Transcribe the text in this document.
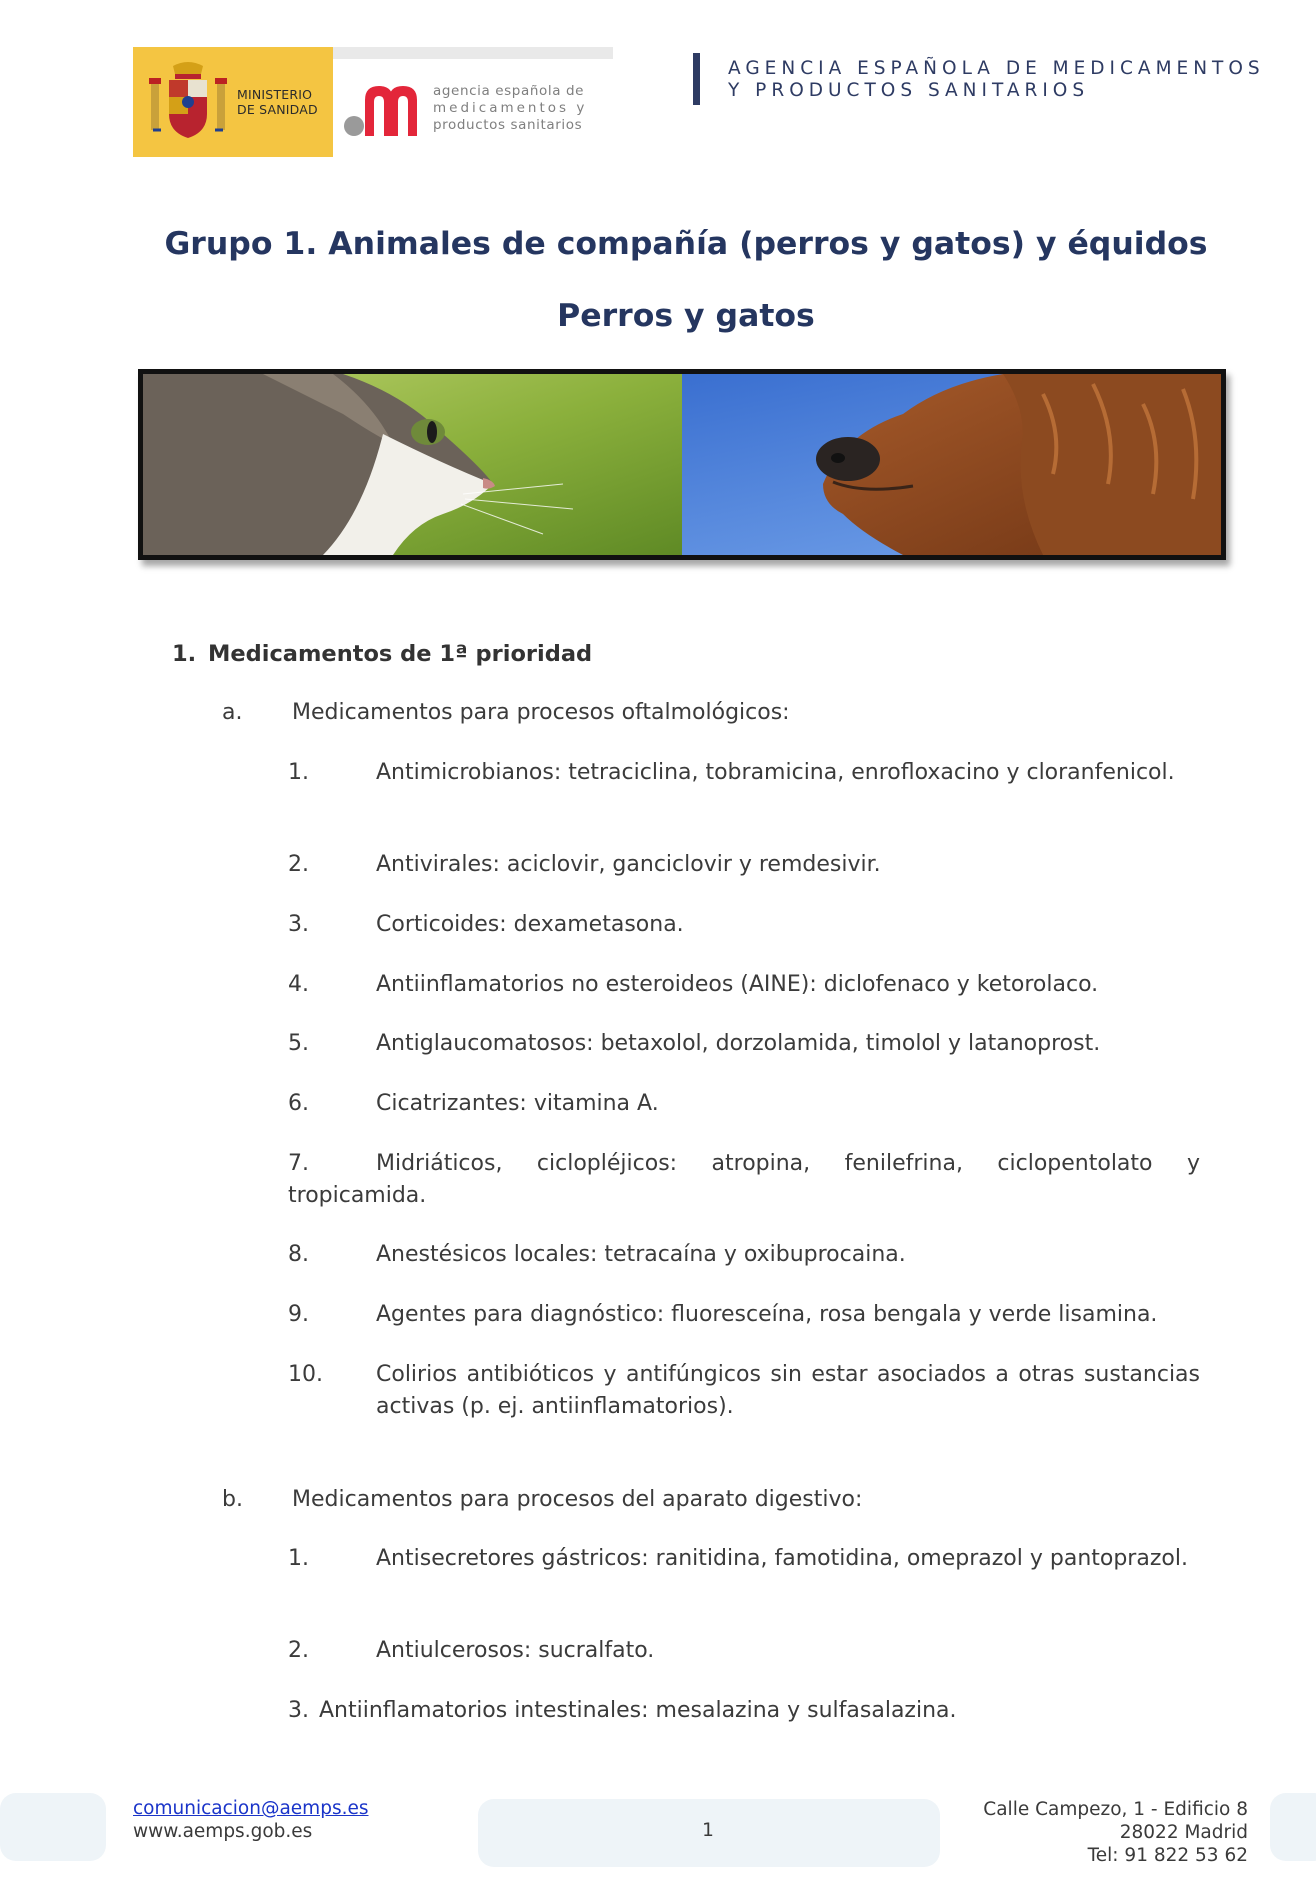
MINISTERIO
DE SANIDAD
agencia española de
medicamentos y
productos sanitarios
AGENCIA ESPAÑOLA DE MEDICAMENTOS
Y PRODUCTOS SANITARIOS
Grupo 1. Animales de compañía (perros y gatos) y équidos
Perros y gatos
1. Medicamentos de 1ª prioridad
a. Medicamentos para procesos oftalmológicos:
1.	Antimicrobianos: tetraciclina, tobramicina, enrofloxacino y cloranfenicol.
2.	Antivirales: aciclovir, ganciclovir y remdesivir.
3.	Corticoides: dexametasona.
4.	Antiinflamatorios no esteroideos (AINE): diclofenaco y ketorolaco.
5.	Antiglaucomatosos: betaxolol, dorzolamida, timolol y latanoprost.
6.	Cicatrizantes: vitamina A.
7.	Midriáticos, ciclopléjicos: atropina, fenilefrina, ciclopentolato y tropicamida.
8.	Anestésicos locales: tetracaína y oxibuprocaina.
9.	Agentes para diagnóstico: fluoresceína, rosa bengala y verde lisamina.
10.	Colirios antibióticos y antifúngicos sin estar asociados a otras sustancias activas (p. ej. antiinflamatorios).
b. Medicamentos para procesos del aparato digestivo:
1.	Antisecretores gástricos: ranitidina, famotidina, omeprazol y pantoprazol.
2.	Antiulcerosos: sucralfato.
3. Antiinflamatorios intestinales: mesalazina y sulfasalazina.
comunicacion@aemps.es
www.aemps.gob.es	1
Calle Campezo, 1 - Edificio 8
28022 Madrid
Tel: 91 822 53 62
